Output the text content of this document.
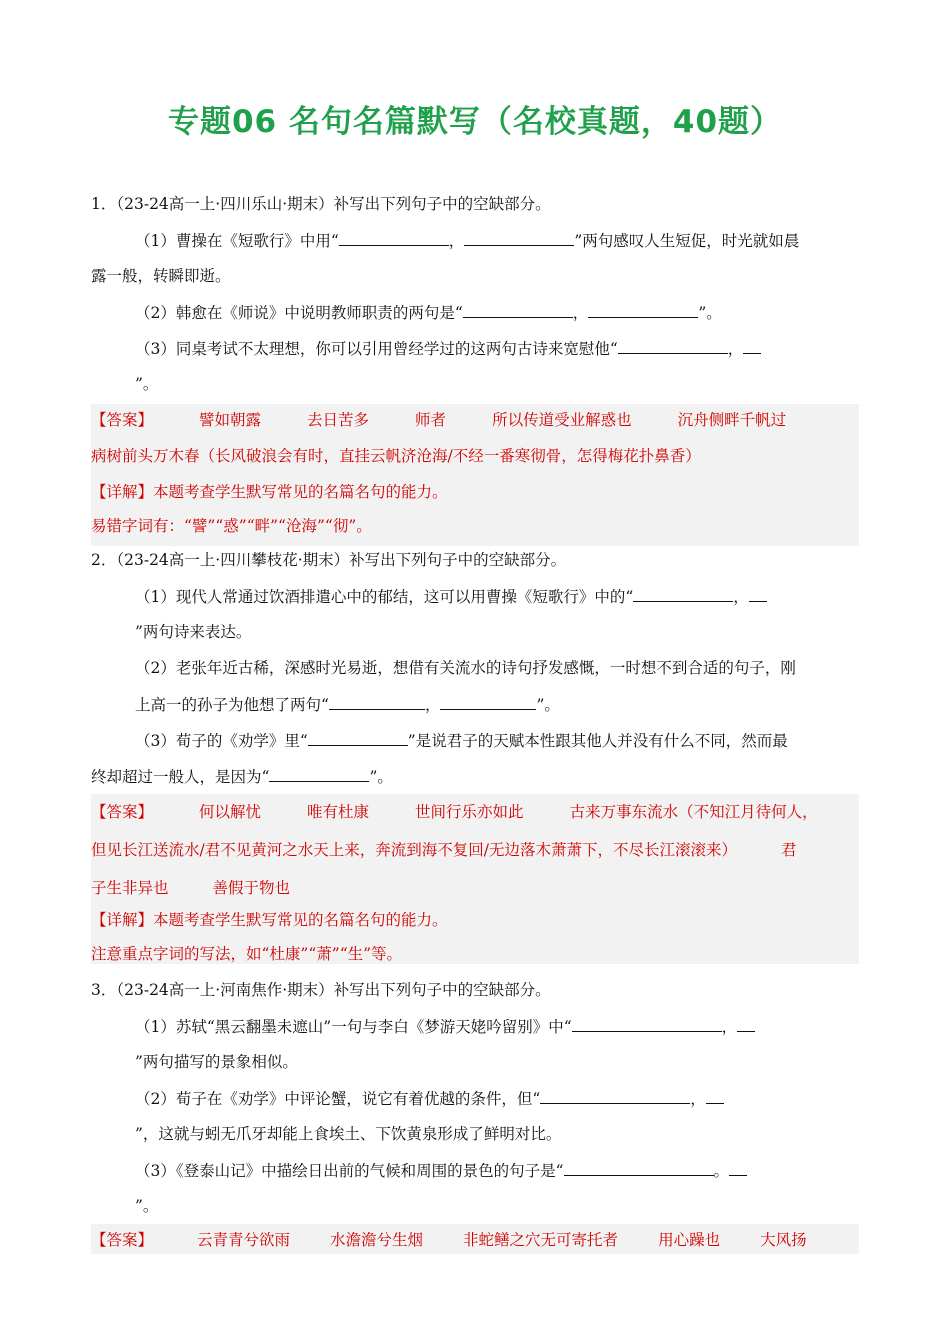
专题06 名句名篇默写（名校真题，40题）
1．（23-24高一上·四川乐山·期末）补写出下列句子中的空缺部分。
（1）曹操在《短歌行》中用“	，	”两句感叹人生短促，时光就如晨
露一般，转瞬即逝。
（2）韩愈在《师说》中说明教师职责的两句是“	，	”。
（3）同桌考试不太理想，你可以引用曾经学过的这两句古诗来宽慰他“	，
”。
【答案】	譬如朝露	去日苦多	师者	所以传道受业解惑也	沉舟侧畔千帆过
病树前头万木春（长风破浪会有时，直挂云帆济沧海/不经一番寒彻骨，怎得梅花扑鼻香）
【详解】本题考查学生默写常见的名篇名句的能力。
易错字词有：“譬”“惑”“畔”“沧海”“彻”。
2．（23-24高一上·四川攀枝花·期末）补写出下列句子中的空缺部分。
（1）现代人常通过饮酒排遣心中的郁结，这可以用曹操《短歌行》中的“	，
”两句诗来表达。
（2）老张年近古稀，深感时光易逝，想借有关流水的诗句抒发感慨，一时想不到合适的句子，刚
上高一的孙子为他想了两句“	，	”。
（3）荀子的《劝学》里“	”是说君子的天赋本性跟其他人并没有什么不同，然而最
终却超过一般人，是因为“	”。
【答案】	何以解忧	唯有杜康	世间行乐亦如此	古来万事东流水（不知江月待何人，
但见长江送流水/君不见黄河之水天上来，奔流到海不复回/无边落木萧萧下，不尽长江滚滚来）	君
子生非异也	善假于物也
【详解】本题考查学生默写常见的名篇名句的能力。
注意重点字词的写法，如“杜康”“萧”“生”等。
3．（23-24高一上·河南焦作·期末）补写出下列句子中的空缺部分。
（1）苏轼“黑云翻墨未遮山”一句与李白《梦游天姥吟留别》中“	，
”两句描写的景象相似。
（2）荀子在《劝学》中评论蟹，说它有着优越的条件，但“	，
”，这就与蚓无爪牙却能上食埃土、下饮黄泉形成了鲜明对比。
（3）《登泰山记》中描绘日出前的气候和周围的景色的句子是“	。
”。
【答案】	云青青兮欲雨	水澹澹兮生烟	非蛇鳝之穴无可寄托者	用心躁也	大风扬
